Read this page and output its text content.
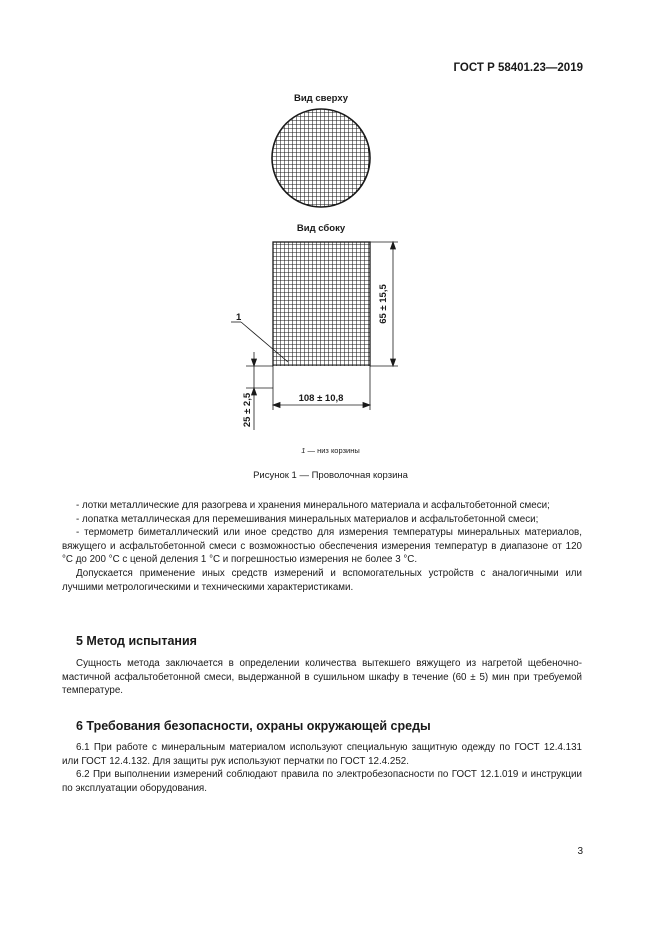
ГОСТ Р 58401.23—2019
Вид сверху
Вид сбоку
65 ± 15,5
108 ± 10,8
25 ± 2,5
1
1 — низ корзины
Рисунок 1 — Проволочная корзина

- лотки металлические для разогрева и хранения минерального материала и асфальтобетонной смеси;

- лопатка металлическая для перемешивания минеральных материалов и асфальтобетонной смеси;

- термометр биметаллический или иное средство для измерения температуры минеральных материалов, вяжущего и асфальтобетонной смеси с возможностью обеспечения измерения температур в диапазоне от 120 °С до 200 °С с ценой деления 1 °С и погрешностью измерения не более 3 °С.

Допускается применение иных средств измерений и вспомогательных устройств с аналогичными или лучшими метрологическими и техническими характеристиками.

5 Метод испытания

Сущность метода заключается в определении количества вытекшего вяжущего из нагретой щебеночно-мастичной асфальтобетонной смеси, выдержанной в сушильном шкафу в течение (60 ± 5) мин при требуемой температуре.

6 Требования безопасности, охраны окружающей среды

6.1 При работе с минеральным материалом используют специальную защитную одежду по ГОСТ 12.4.131 или ГОСТ 12.4.132. Для защиты рук используют перчатки по ГОСТ 12.4.252.

6.2 При выполнении измерений соблюдают правила по электробезопасности по ГОСТ 12.1.019 и инструкции по эксплуатации оборудования.

3
